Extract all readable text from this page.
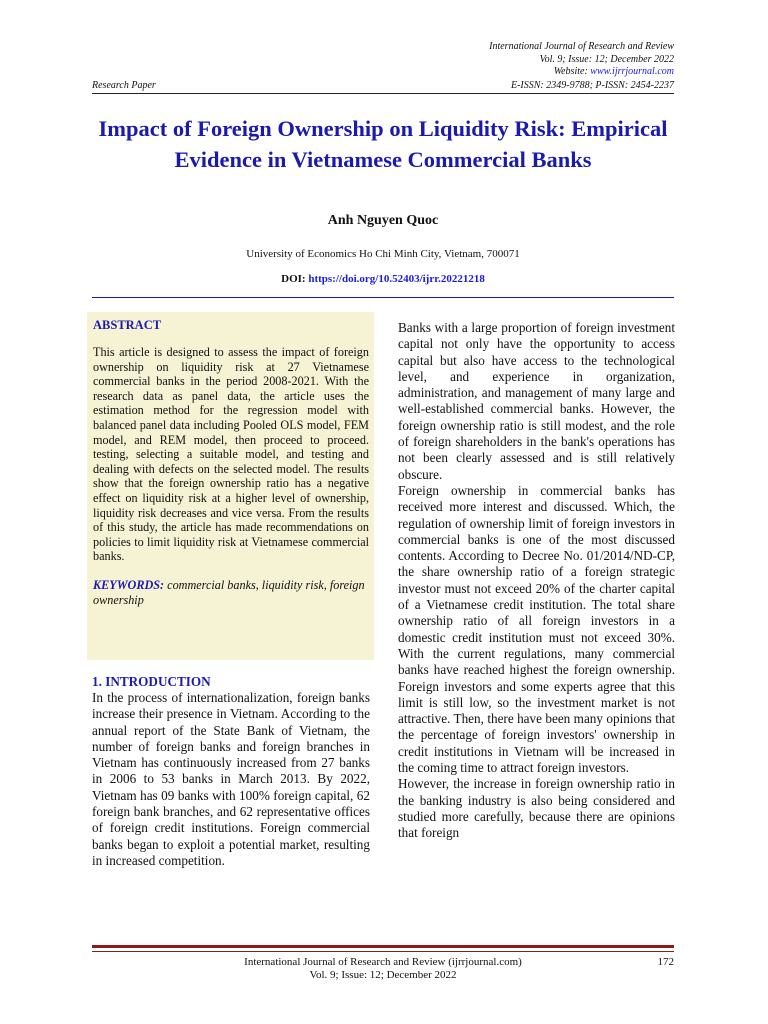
International Journal of Research and Review
Vol. 9; Issue: 12; December 2022
Website: www.ijrrjournal.com
Research Paper	E-ISSN: 2349-9788; P-ISSN: 2454-2237
Impact of Foreign Ownership on Liquidity Risk: Empirical Evidence in Vietnamese Commercial Banks
Anh Nguyen Quoc
University of Economics Ho Chi Minh City, Vietnam, 700071
DOI: https://doi.org/10.52403/ijrr.20221218
ABSTRACT
This article is designed to assess the impact of foreign ownership on liquidity risk at 27 Vietnamese commercial banks in the period 2008-2021. With the research data as panel data, the article uses the estimation method for the regression model with balanced panel data including Pooled OLS model, FEM model, and REM model, then proceed to proceed. testing, selecting a suitable model, and testing and dealing with defects on the selected model. The results show that the foreign ownership ratio has a negative effect on liquidity risk at a higher level of ownership, liquidity risk decreases and vice versa. From the results of this study, the article has made recommendations on policies to limit liquidity risk at Vietnamese commercial banks.
KEYWORDS: commercial banks, liquidity risk, foreign ownership
1. INTRODUCTION
In the process of internationalization, foreign banks increase their presence in Vietnam. According to the annual report of the State Bank of Vietnam, the number of foreign banks and foreign branches in Vietnam has continuously increased from 27 banks in 2006 to 53 banks in March 2013. By 2022, Vietnam has 09 banks with 100% foreign capital, 62 foreign bank branches, and 62 representative offices of foreign credit institutions. Foreign commercial banks began to exploit a potential market, resulting in increased competition.
Banks with a large proportion of foreign investment capital not only have the opportunity to access capital but also have access to the technological level, and experience in organization, administration, and management of many large and well-established commercial banks. However, the foreign ownership ratio is still modest, and the role of foreign shareholders in the bank's operations has not been clearly assessed and is still relatively obscure.
Foreign ownership in commercial banks has received more interest and discussed. Which, the regulation of ownership limit of foreign investors in commercial banks is one of the most discussed contents. According to Decree No. 01/2014/ND-CP, the share ownership ratio of a foreign strategic investor must not exceed 20% of the charter capital of a Vietnamese credit institution. The total share ownership ratio of all foreign investors in a domestic credit institution must not exceed 30%. With the current regulations, many commercial banks have reached highest the foreign ownership. Foreign investors and some experts agree that this limit is still low, so the investment market is not attractive. Then, there have been many opinions that the percentage of foreign investors' ownership in credit institutions in Vietnam will be increased in the coming time to attract foreign investors.
However, the increase in foreign ownership ratio in the banking industry is also being considered and studied more carefully, because there are opinions that foreign
International Journal of Research and Review (ijrrjournal.com)
Vol. 9; Issue: 12; December 2022
172
